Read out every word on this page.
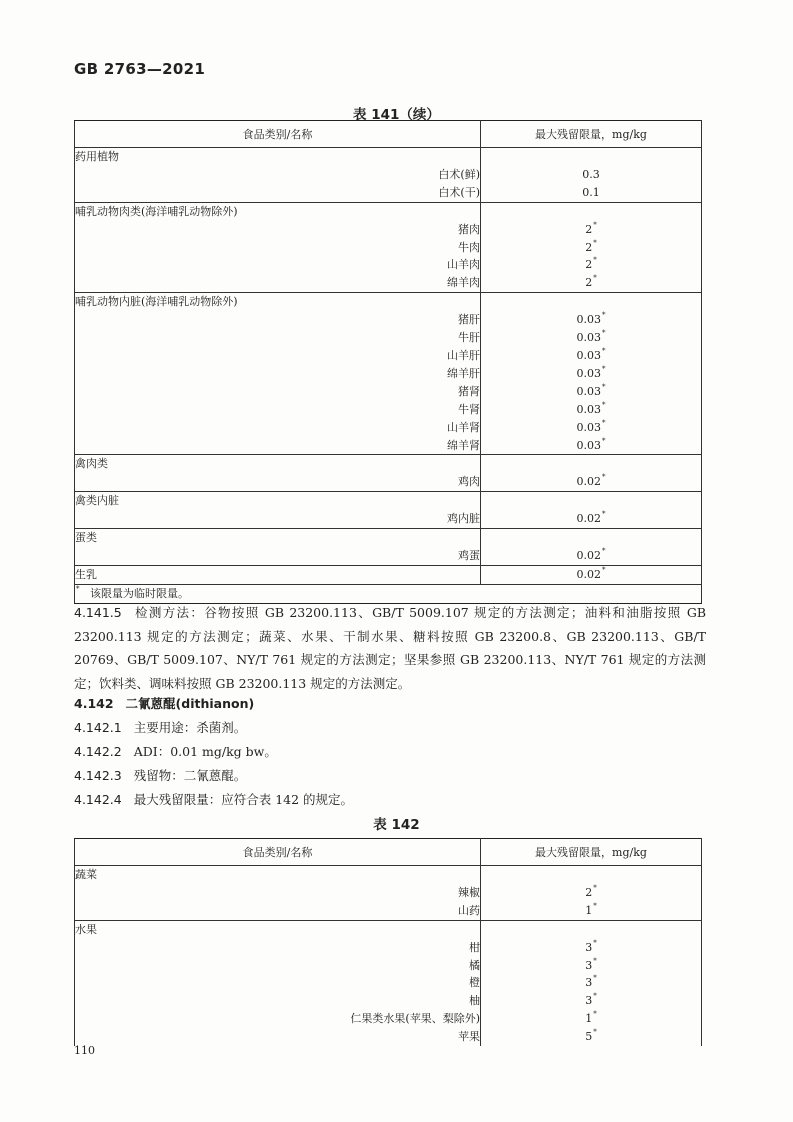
GB 2763—2021
表 141（续）
食品类别/名称	最大残留限量，mg/kg
药用植物	
白术(鲜)	0.3
白术(干)	0.1
哺乳动物肉类(海洋哺乳动物除外)	
猪肉	2*
牛肉	2*
山羊肉	2*
绵羊肉	2*
哺乳动物内脏(海洋哺乳动物除外)	
猪肝	0.03*
牛肝	0.03*
山羊肝	0.03*
绵羊肝	0.03*
猪肾	0.03*
牛肾	0.03*
山羊肾	0.03*
绵羊肾	0.03*
禽肉类	
鸡肉	0.02*
禽类内脏	
鸡内脏	0.02*
蛋类	
鸡蛋	0.02*
生乳	0.02*
* 该限量为临时限量。	
4.141.5 检测方法：谷物按照 GB 23200.113、GB/T 5009.107 规定的方法测定；油料和油脂按照 GB 23200.113 规定的方法测定；蔬菜、水果、干制水果、糖料按照 GB 23200.8、GB 23200.113、GB/T 20769、GB/T 5009.107、NY/T 761 规定的方法测定；坚果参照 GB 23200.113、NY/T 761 规定的方法测定；饮料类、调味料按照 GB 23200.113 规定的方法测定。
4.142 二氰蒽醌(dithianon)
4.142.1 主要用途：杀菌剂。
4.142.2 ADI：0.01 mg/kg bw。
4.142.3 残留物：二氰蒽醌。
4.142.4 最大残留限量：应符合表 142 的规定。
表 142
食品类别/名称	最大残留限量，mg/kg
蔬菜	
辣椒	2*
山药	1*
水果	
柑	3*
橘	3*
橙	3*
柚	3*
仁果类水果(苹果、梨除外)	1*
苹果	5*
110
